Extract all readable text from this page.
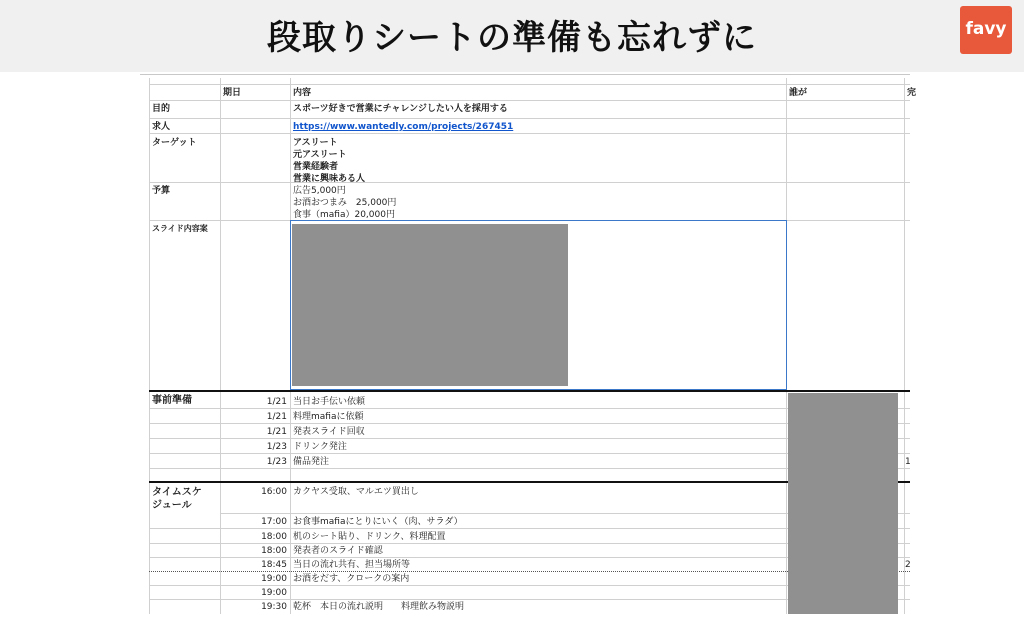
段取りシートの準備も忘れずに	favy
期日	内容	誰が	完
目的	スポーツ好きで営業にチャレンジしたい人を採用する
求人	https://www.wantedly.com/projects/267451
ターゲット	アスリート
元アスリート
営業経験者
営業に興味ある人
予算	広告5,000円
お酒おつまみ　25,000円
食事（mafia）20,000円
スライド内容案
事前準備	1/21 当日お手伝い依頼
1/21 料理mafiaに依頼
1/21 発表スライド回収
1/23 ドリンク発注
1/23 備品発注	1
タイムスケ
ジュール
16:00 カクヤス受取、マルエツ買出し
17:00 お食事mafiaにとりにいく（肉、サラダ）
18:00 机のシート貼り、ドリンク、料理配置
18:00 発表者のスライド確認
18:45 当日の流れ共有、担当場所等	2
19:00 お酒をだす、クロークの案内
19:00
19:30 乾杯　本日の流れ説明　　料理飲み物説明
